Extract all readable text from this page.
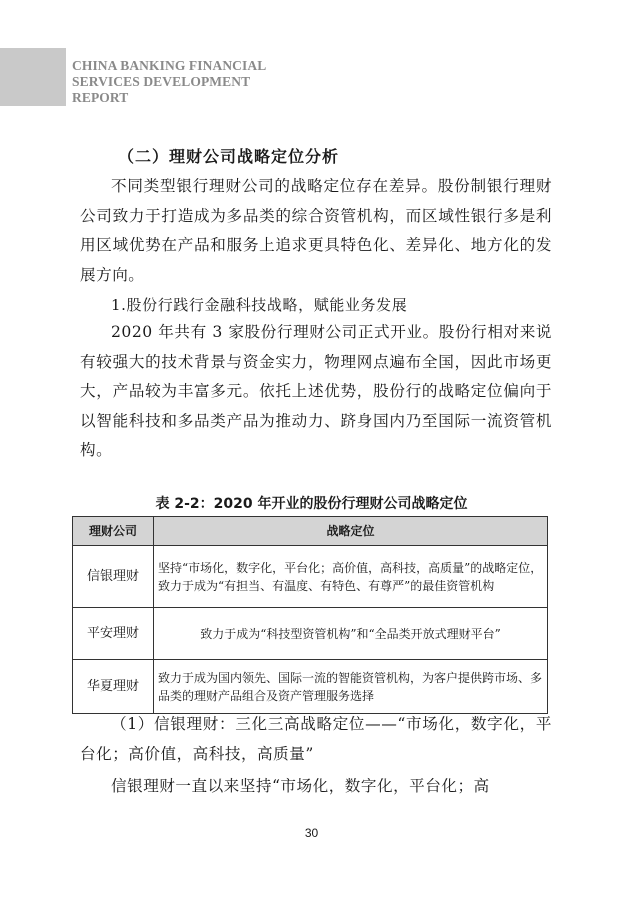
CHINA BANKING FINANCIAL
SERVICES DEVELOPMENT
REPORT
（二）理财公司战略定位分析
不同类型银行理财公司的战略定位存在差异。股份制银行理财公司致力于打造成为多品类的综合资管机构，而区域性银行多是利用区域优势在产品和服务上追求更具特色化、差异化、地方化的发展方向。
1.股份行践行金融科技战略，赋能业务发展
2020 年共有 3 家股份行理财公司正式开业。股份行相对来说有较强大的技术背景与资金实力，物理网点遍布全国，因此市场更大，产品较为丰富多元。依托上述优势，股份行的战略定位偏向于以智能科技和多品类产品为推动力、跻身国内乃至国际一流资管机构。
表 2-2：2020 年开业的股份行理财公司战略定位
理财公司	战略定位
信银理财	坚持“市场化，数字化，平台化；高价值，高科技，高质量”的战略定位，致力于成为“有担当、有温度、有特色、有尊严”的最佳资管机构
平安理财	致力于成为“科技型资管机构”和“全品类开放式理财平台”
华夏理财	致力于成为国内领先、国际一流的智能资管机构，为客户提供跨市场、多品类的理财产品组合及资产管理服务选择
（1）信银理财：三化三高战略定位——“市场化，数字化，平台化；高价值，高科技，高质量”
信银理财一直以来坚持“市场化，数字化，平台化；高
30
